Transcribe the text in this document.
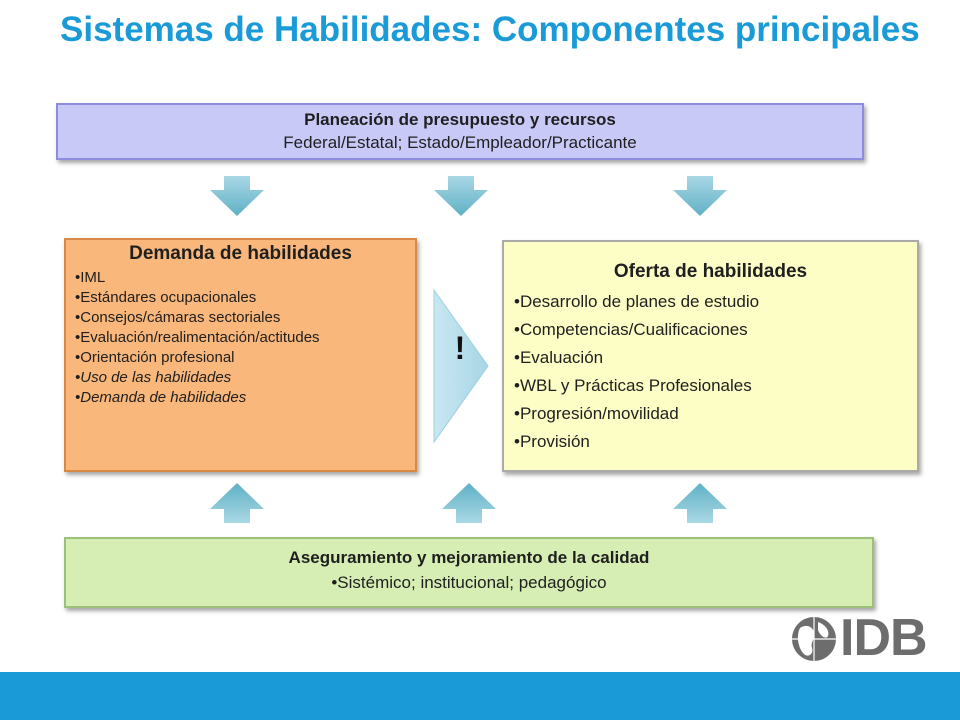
Sistemas de Habilidades: Componentes principales
Planeación de presupuesto y recursos
Federal/Estatal; Estado/Empleador/Practicante
Demanda de habilidades
•IML
•Estándares ocupacionales
•Consejos/cámaras sectoriales
•Evaluación/realimentación/actitudes
•Orientación profesional
•Uso de las habilidades
•Demanda de habilidades
!
Oferta de habilidades
•Desarrollo de planes de estudio
•Competencias/Cualificaciones
•Evaluación
•WBL y Prácticas Profesionales
•Progresión/movilidad
•Provisión
Aseguramiento y mejoramiento de la calidad
•Sistémico; institucional; pedagógico
IDB
